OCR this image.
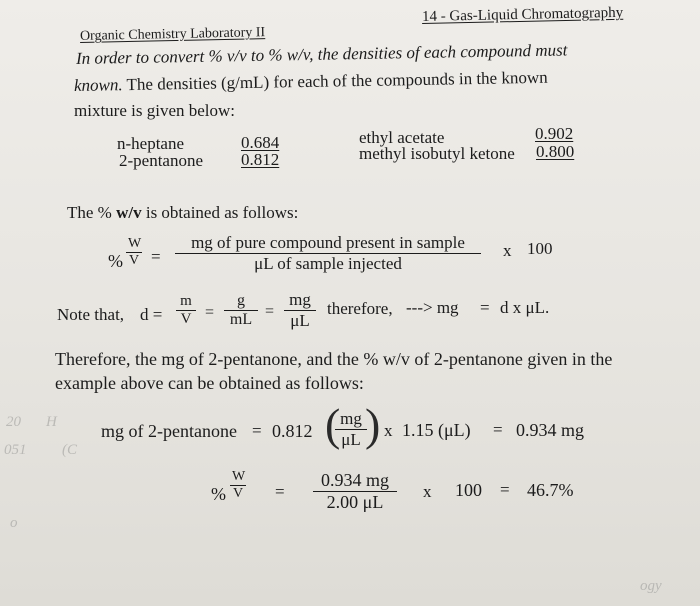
20 H
051 (C
o
ogy
Organic Chemistry Laboratory II
14 - Gas-Liquid Chromatography
In order to convert % v/v to % w/v, the densities of each compound must
known. The densities (g/mL) for each of the compounds in the known
mixture is given below:
n-heptane	0.684
2-pentanone 0.812
ethyl acetate	0.902
methyl isobutyl ketone 0.800
The % w/v is obtained as follows:
% $\frac{W}{V}$ =
mg of pure compound present in sample
μL of sample injected
x 100
Note that, $d = \frac{m}{V} = \frac{g}{mL} = \frac{mg}{\mu L}$ therefore, ---> mg = d x μL.
Therefore, the mg of 2-pentanone, and the % w/v of 2-pentanone given in the
example above can be obtained as follows:
mg of 2-pentanone = 0.812 (
$\frac{mg}{\mu L}$
) x 1.15 (μL) = 0.934 mg
% $\frac{W}{V} = \frac{0.934 mg}{2.00 \mu L}$ x 100 = 46.7%
